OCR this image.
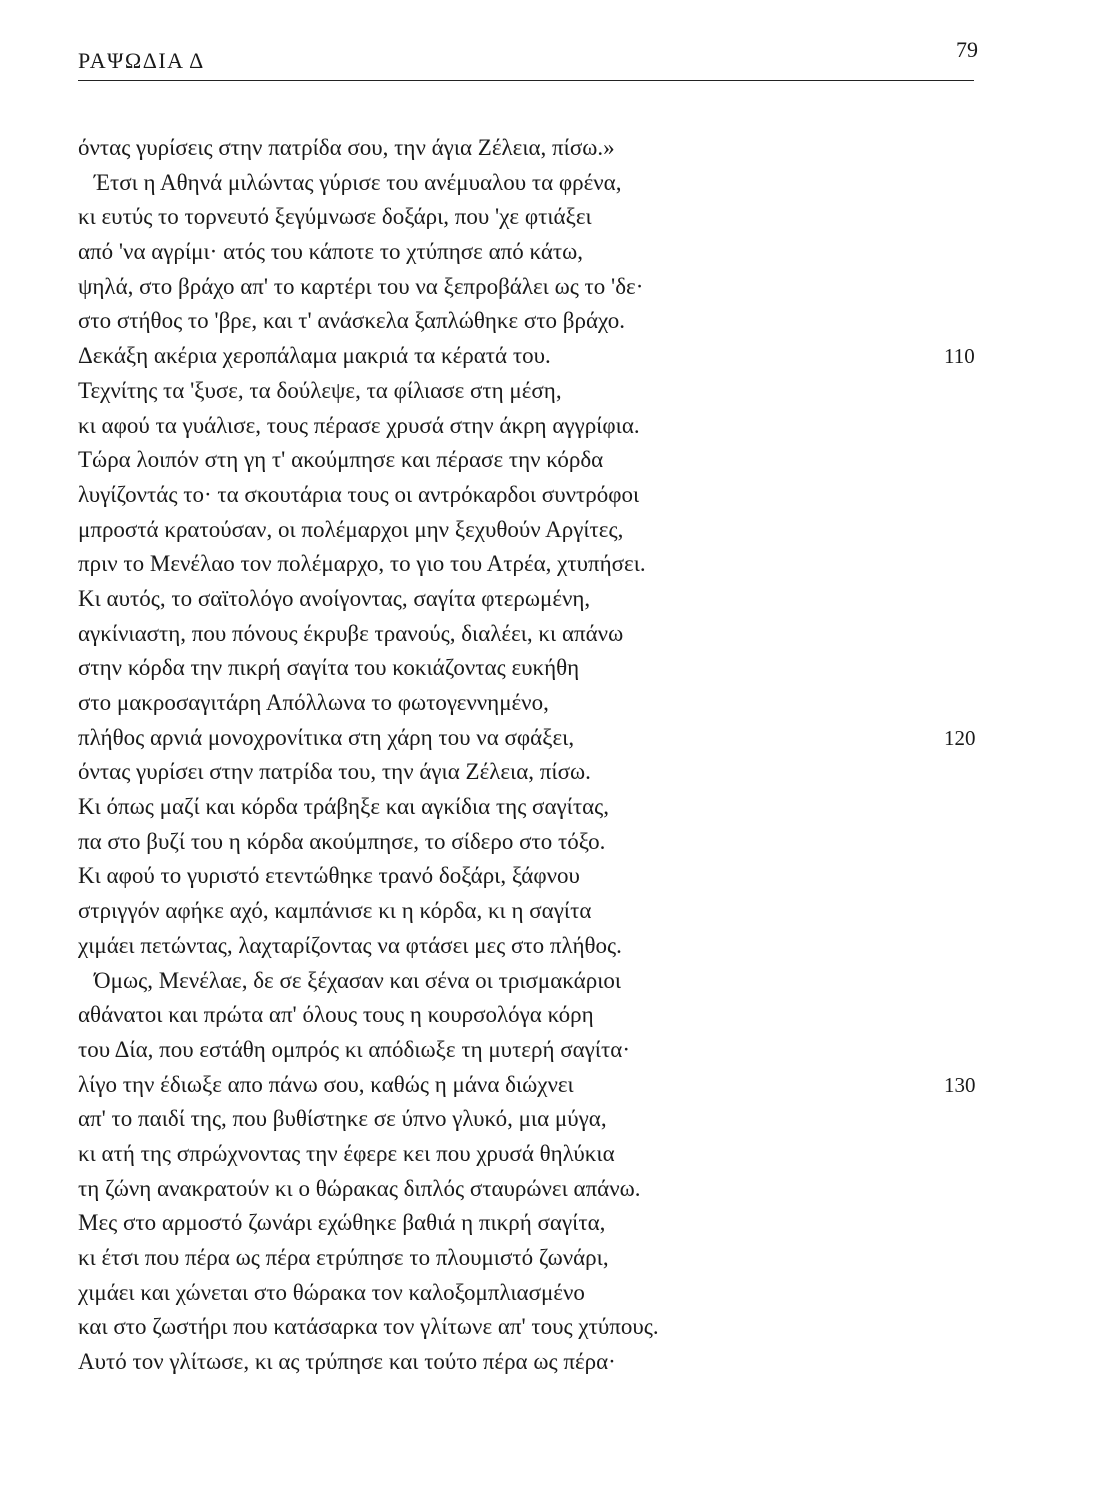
ΡΑΨΩΔΙΑ Δ	79
όντας γυρίσεις στην πατρίδα σου, την άγια Ζέλεια, πίσω.»
Έτσι η Αθηνά μιλώντας γύρισε του ανέμυαλου τα φρένα,
κι ευτύς το τορνευτό ξεγύμνωσε δοξάρι, που 'χε φτιάξει
από 'να αγρίμι· ατός του κάποτε το χτύπησε από κάτω,
ψηλά, στο βράχο απ' το καρτέρι του να ξεπροβάλει ως το 'δε·
στο στήθος το 'βρε, και τ' ανάσκελα ξαπλώθηκε στο βράχο.
Δεκάξη ακέρια χεροπάλαμα μακριά τα κέρατά του.	110
Τεχνίτης τα 'ξυσε, τα δούλεψε, τα φίλιασε στη μέση,
κι αφού τα γυάλισε, τους πέρασε χρυσά στην άκρη αγγρίφια.
Τώρα λοιπόν στη γη τ' ακούμπησε και πέρασε την κόρδα
λυγίζοντάς το· τα σκουτάρια τους οι αντρόκαρδοι συντρόφοι
μπροστά κρατούσαν, οι πολέμαρχοι μην ξεχυθούν Αργίτες,
πριν το Μενέλαο τον πολέμαρχο, το γιο του Ατρέα, χτυπήσει.
Κι αυτός, το σαϊτολόγο ανοίγοντας, σαγίτα φτερωμένη,
αγκίνιαστη, που πόνους έκρυβε τρανούς, διαλέει, κι απάνω
στην κόρδα την πικρή σαγίτα του κοκιάζοντας ευκήθη
στο μακροσαγιτάρη Απόλλωνα το φωτογεννημένο,
πλήθος αρνιά μονοχρονίτικα στη χάρη του να σφάξει,	120
όντας γυρίσει στην πατρίδα του, την άγια Ζέλεια, πίσω.
Κι όπως μαζί και κόρδα τράβηξε και αγκίδια της σαγίτας,
πα στο βυζί του η κόρδα ακούμπησε, το σίδερο στο τόξο.
Κι αφού το γυριστό ετεντώθηκε τρανό δοξάρι, ξάφνου
στριγγόν αφήκε αχό, καμπάνισε κι η κόρδα, κι η σαγίτα
χιμάει πετώντας, λαχταρίζοντας να φτάσει μες στο πλήθος.
Όμως, Μενέλαε, δε σε ξέχασαν και σένα οι τρισμακάριοι
αθάνατοι και πρώτα απ' όλους τους η κουρσολόγα κόρη
του Δία, που εστάθη ομπρός κι απόδιωξε τη μυτερή σαγίτα·
λίγο την έδιωξε απο πάνω σου, καθώς η μάνα διώχνει	130
απ' το παιδί της, που βυθίστηκε σε ύπνο γλυκό, μια μύγα,
κι ατή της σπρώχνοντας την έφερε κει που χρυσά θηλύκια
τη ζώνη ανακρατούν κι ο θώρακας διπλός σταυρώνει απάνω.
Μες στο αρμοστό ζωνάρι εχώθηκε βαθιά η πικρή σαγίτα,
κι έτσι που πέρα ως πέρα ετρύπησε το πλουμιστό ζωνάρι,
χιμάει και χώνεται στο θώρακα τον καλοξομπλιασμένο
και στο ζωστήρι που κατάσαρκα τον γλίτωνε απ' τους χτύπους.
Αυτό τον γλίτωσε, κι ας τρύπησε και τούτο πέρα ως πέρα·
